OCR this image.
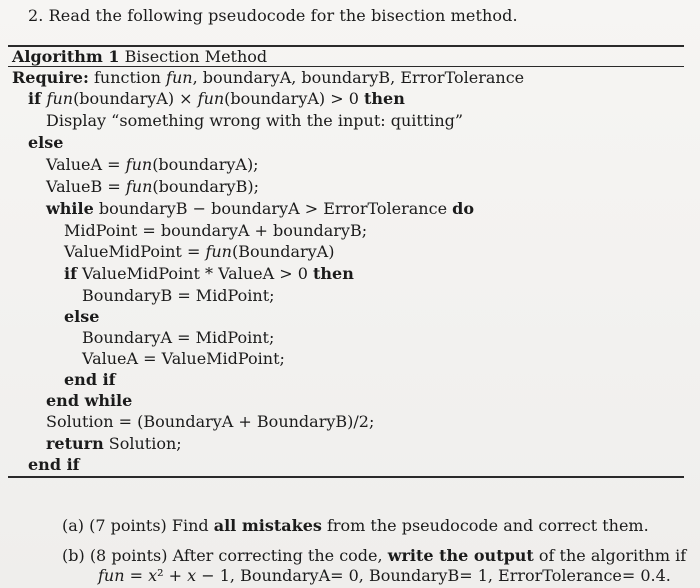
2. Read the following pseudocode for the bisection method.
Algorithm 1 Bisection Method
Require: function fun, boundaryA, boundaryB, ErrorTolerance
if fun(boundaryA) × fun(boundaryA) > 0 then
Display “something wrong with the input: quitting”
else
ValueA = fun(boundaryA);
ValueB = fun(boundaryB);
while boundaryB − boundaryA > ErrorTolerance do
MidPoint = boundaryA + boundaryB;
ValueMidPoint = fun(BoundaryA)
if ValueMidPoint * ValueA > 0 then
BoundaryB = MidPoint;
else
BoundaryA = MidPoint;
ValueA = ValueMidPoint;
end if
end while
Solution = (BoundaryA + BoundaryB)/2;
return Solution;
end if
(a) (7 points) Find all mistakes from the pseudocode and correct them.
(b) (8 points) After correcting the code, write the output of the algorithm if
fun = x² + x − 1, BoundaryA= 0, BoundaryB= 1, ErrorTolerance= 0.4.
